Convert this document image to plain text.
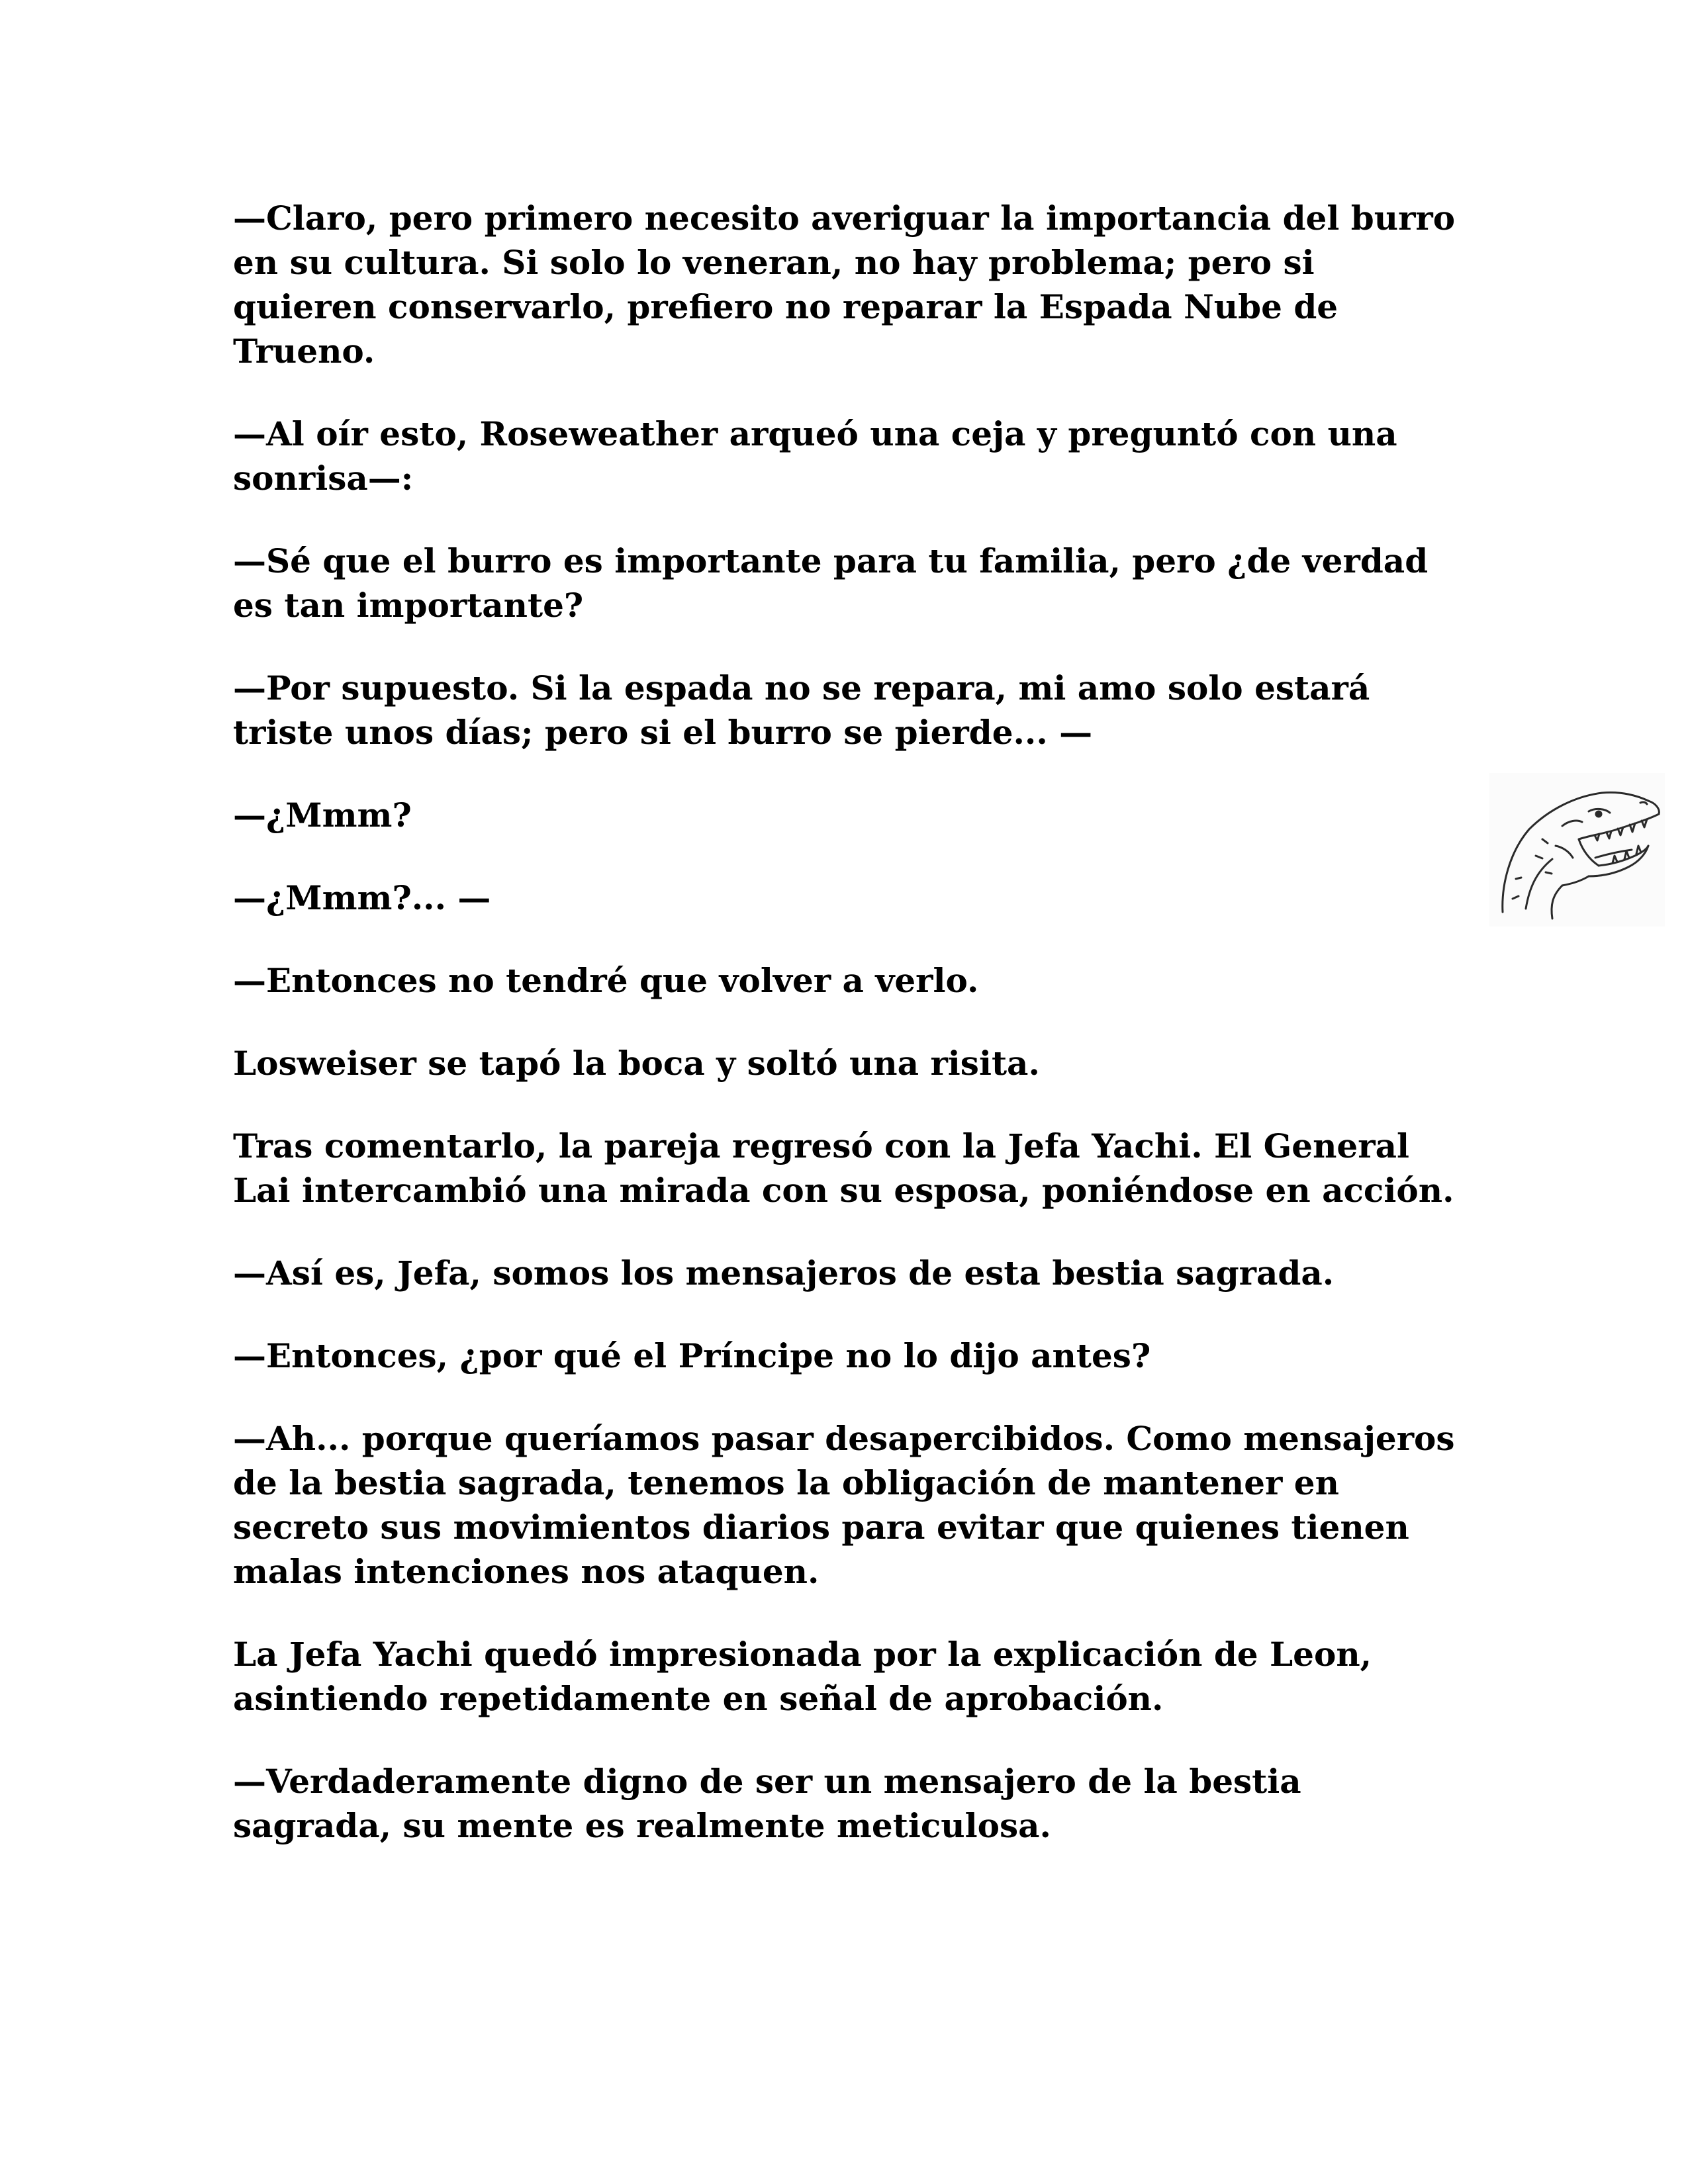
—Claro, pero primero necesito averiguar la importancia del burro en su cultura. Si solo lo veneran, no hay problema; pero si quieren conservarlo, prefiero no reparar la Espada Nube de Trueno.

—Al oír esto, Roseweather arqueó una ceja y preguntó con una sonrisa—:

—Sé que el burro es importante para tu familia, pero ¿de verdad es tan importante?

—Por supuesto. Si la espada no se repara, mi amo solo estará triste unos días; pero si el burro se pierde... —

—¿Mmm?

—¿Mmm?... —

—Entonces no tendré que volver a verlo.

Losweiser se tapó la boca y soltó una risita.

Tras comentarlo, la pareja regresó con la Jefa Yachi. El General Lai intercambió una mirada con su esposa, poniéndose en acción.

—Así es, Jefa, somos los mensajeros de esta bestia sagrada.

—Entonces, ¿por qué el Príncipe no lo dijo antes?

—Ah... porque queríamos pasar desapercibidos. Como mensajeros de la bestia sagrada, tenemos la obligación de mantener en secreto sus movimientos diarios para evitar que quienes tienen malas intenciones nos ataquen.

La Jefa Yachi quedó impresionada por la explicación de Leon, asintiendo repetidamente en señal de aprobación.

—Verdaderamente digno de ser un mensajero de la bestia sagrada, su mente es realmente meticulosa.
